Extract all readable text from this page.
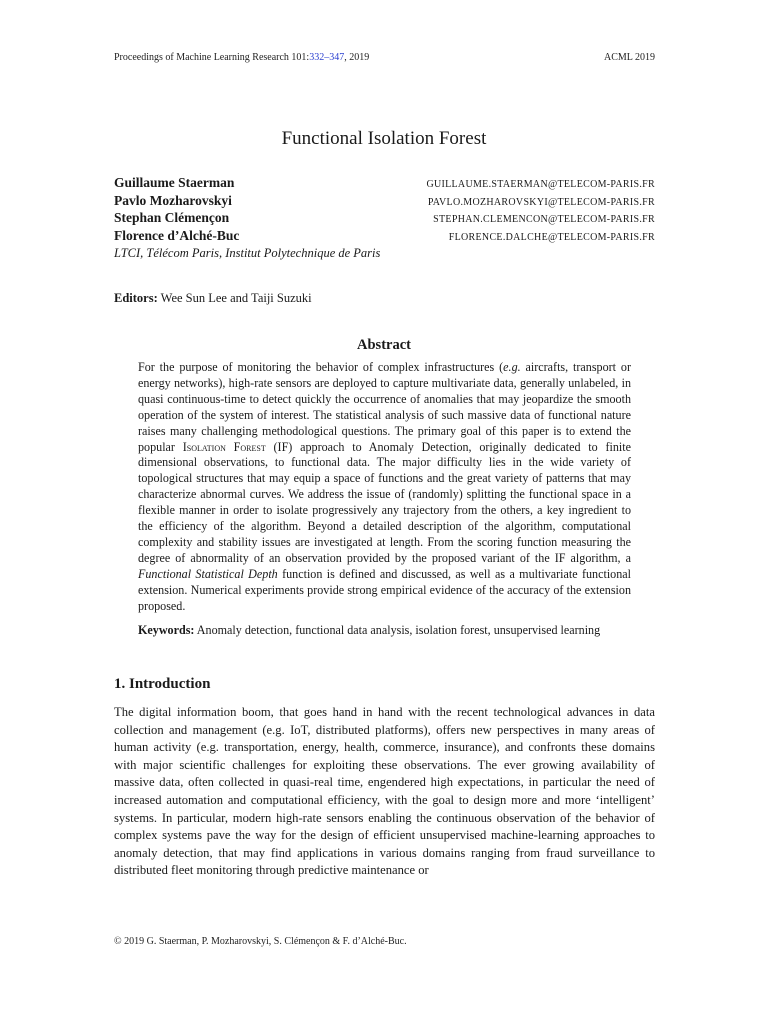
Proceedings of Machine Learning Research 101:332–347, 2019	ACML 2019
Functional Isolation Forest
Guillaume Staerman	GUILLAUME.STAERMAN@TELECOM-PARIS.FR
Pavlo Mozharovskyi	PAVLO.MOZHAROVSKYI@TELECOM-PARIS.FR
Stephan Clémençon	STEPHAN.CLEMENCON@TELECOM-PARIS.FR
Florence d’Alché-Buc	FLORENCE.DALCHE@TELECOM-PARIS.FR
LTCI, Télécom Paris, Institut Polytechnique de Paris
Editors: Wee Sun Lee and Taiji Suzuki
Abstract

For the purpose of monitoring the behavior of complex infrastructures (e.g. aircrafts, transport or energy networks), high-rate sensors are deployed to capture multivariate data, generally unlabeled, in quasi continuous-time to detect quickly the occurrence of anomalies that may jeopardize the smooth operation of the system of interest. The statistical analysis of such massive data of functional nature raises many challenging methodological questions. The primary goal of this paper is to extend the popular Isolation Forest (IF) approach to Anomaly Detection, originally dedicated to finite dimensional observations, to functional data. The major difficulty lies in the wide variety of topological structures that may equip a space of functions and the great variety of patterns that may characterize abnormal curves. We address the issue of (randomly) splitting the functional space in a flexible manner in order to isolate progressively any trajectory from the others, a key ingredient to the efficiency of the algorithm. Beyond a detailed description of the algorithm, computational complexity and stability issues are investigated at length. From the scoring function measuring the degree of abnormality of an observation provided by the proposed variant of the IF algorithm, a Functional Statistical Depth function is defined and discussed, as well as a multivariate functional extension. Numerical experiments provide strong empirical evidence of the accuracy of the extension proposed.

Keywords: Anomaly detection, functional data analysis, isolation forest, unsupervised learning

1. Introduction

The digital information boom, that goes hand in hand with the recent technological advances in data collection and management (e.g. IoT, distributed platforms), offers new perspectives in many areas of human activity (e.g. transportation, energy, health, commerce, insurance), and confronts these domains with major scientific challenges for exploiting these observations. The ever growing availability of massive data, often collected in quasi-real time, engendered high expectations, in particular the need of increased automation and computational efficiency, with the goal to design more and more ‘intelligent’ systems. In particular, modern high-rate sensors enabling the continuous observation of the behavior of complex systems pave the way for the design of efficient unsupervised machine-learning approaches to anomaly detection, that may find applications in various domains ranging from fraud surveillance to distributed fleet monitoring through predictive maintenance or

© 2019 G. Staerman, P. Mozharovskyi, S. Clémençon & F. d’Alché-Buc.
